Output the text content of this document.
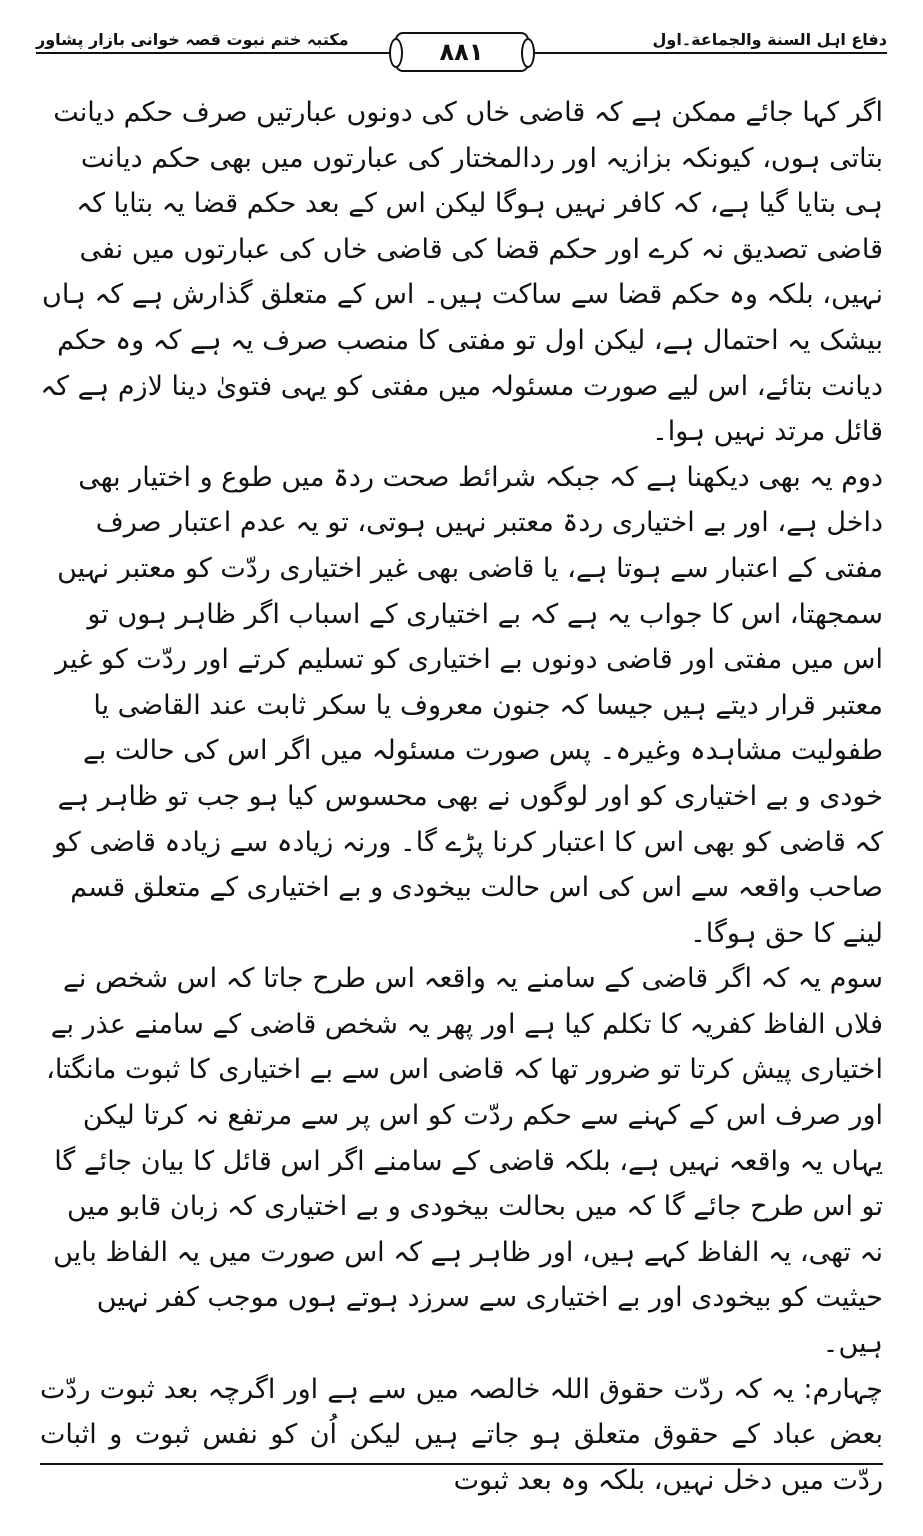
دفاع اہل السنة والجماعة۔اول
۸۸۱
مکتبہ ختم نبوت قصہ خوانی بازار پشاور

اگر کہا جائے ممکن ہے کہ قاضی خاں کی دونوں عبارتیں صرف حکم دیانت بتاتی ہوں، کیونکہ بزازیہ اور ردالمختار کی عبارتوں میں بھی حکم دیانت ہی بتایا گیا ہے، کہ کافر نہیں ہوگا لیکن اس کے بعد حکم قضا یہ بتایا کہ قاضی تصدیق نہ کرے اور حکم قضا کی قاضی خاں کی عبارتوں میں نفی نہیں، بلکہ وہ حکم قضا سے ساکت ہیں۔ اس کے متعلق گذارش ہے کہ ہاں بیشک یہ احتمال ہے، لیکن اول تو مفتی کا منصب صرف یہ ہے کہ وہ حکم دیانت بتائے، اس لیے صورت مسئولہ میں مفتی کو یہی فتویٰ دینا لازم ہے کہ قائل مرتد نہیں ہوا۔

دوم یہ بھی دیکھنا ہے کہ جبکہ شرائط صحت ردۃ میں طوع و اختیار بھی داخل ہے، اور بے اختیاری ردۃ معتبر نہیں ہوتی، تو یہ عدم اعتبار صرف مفتی کے اعتبار سے ہوتا ہے، یا قاضی بھی غیر اختیاری ردّت کو معتبر نہیں سمجھتا، اس کا جواب یہ ہے کہ بے اختیاری کے اسباب اگر ظاہر ہوں تو اس میں مفتی اور قاضی دونوں بے اختیاری کو تسلیم کرتے اور ردّت کو غیر معتبر قرار دیتے ہیں جیسا کہ جنون معروف یا سکر ثابت عند القاضی یا طفولیت مشاہدہ وغیرہ۔ پس صورت مسئولہ میں اگر اس کی حالت بے خودی و بے اختیاری کو اور لوگوں نے بھی محسوس کیا ہو جب تو ظاہر ہے کہ قاضی کو بھی اس کا اعتبار کرنا پڑے گا۔ ورنہ زیادہ سے زیادہ قاضی کو صاحب واقعہ سے اس کی اس حالت بیخودی و بے اختیاری کے متعلق قسم لینے کا حق ہوگا۔

سوم یہ کہ اگر قاضی کے سامنے یہ واقعہ اس طرح جاتا کہ اس شخص نے فلاں الفاظ کفریہ کا تکلم کیا ہے اور پھر یہ شخص قاضی کے سامنے عذر بے اختیاری پیش کرتا تو ضرور تھا کہ قاضی اس سے بے اختیاری کا ثبوت مانگتا، اور صرف اس کے کہنے سے حکم ردّت کو اس پر سے مرتفع نہ کرتا لیکن یہاں یہ واقعہ نہیں ہے، بلکہ قاضی کے سامنے اگر اس قائل کا بیان جائے گا تو اس طرح جائے گا کہ میں بحالت بیخودی و بے اختیاری کہ زبان قابو میں نہ تھی، یہ الفاظ کہے ہیں، اور ظاہر ہے کہ اس صورت میں یہ الفاظ بایں حیثیت کو بیخودی اور بے اختیاری سے سرزد ہوتے ہوں موجب کفر نہیں ہیں۔

چہارم: یہ کہ ردّت حقوق اللہ خالصہ میں سے ہے اور اگرچہ بعد ثبوت ردّت بعض عباد کے حقوق متعلق ہو جاتے ہیں لیکن اُن کو نفس ثبوت و اثبات ردّت میں دخل نہیں، بلکہ وہ بعد ثبوت
